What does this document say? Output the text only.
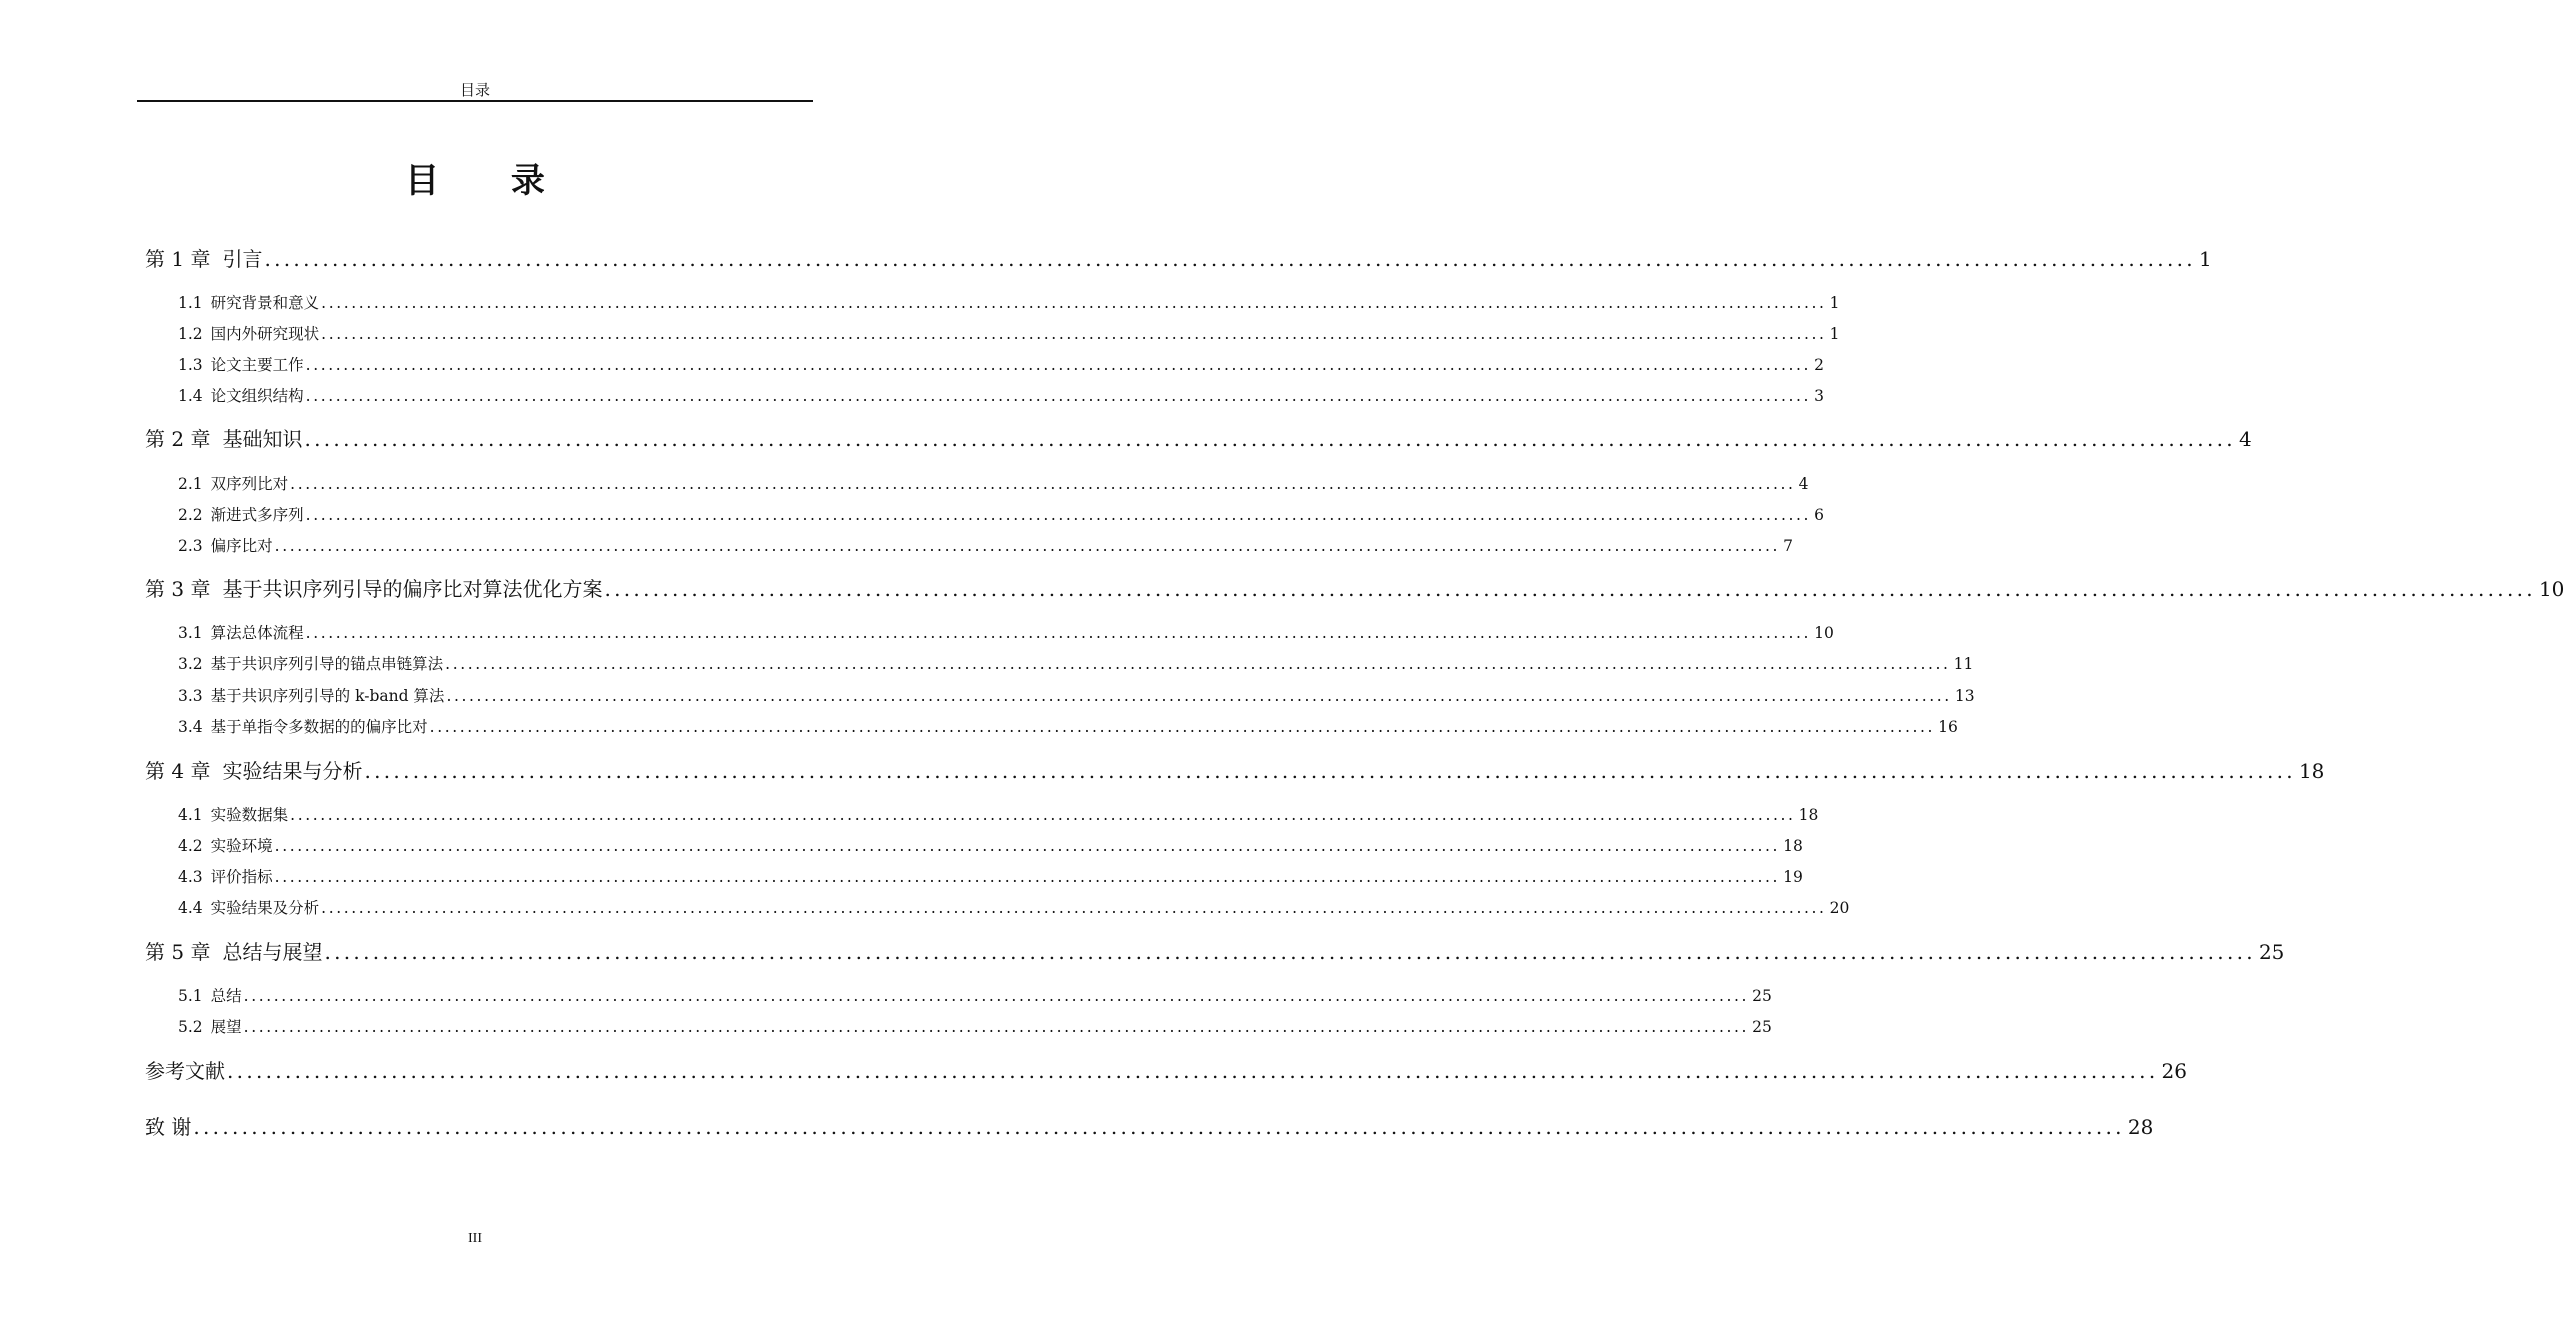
目录
目 录
第 1 章 引言 ........................................................................................................................................................................................................ 1
1.1 研究背景和意义 ........................................................................................................................................................................................................ 1
1.2 国内外研究现状 ........................................................................................................................................................................................................ 1
1.3 论文主要工作 ........................................................................................................................................................................................................ 2
1.4 论文组织结构 ........................................................................................................................................................................................................ 3
第 2 章 基础知识 ........................................................................................................................................................................................................ 4
2.1 双序列比对 ........................................................................................................................................................................................................ 4
2.2 渐进式多序列 ........................................................................................................................................................................................................ 6
2.3 偏序比对 ........................................................................................................................................................................................................ 7
第 3 章 基于共识序列引导的偏序比对算法优化方案 ........................................................................................................................................................................................................ 10
3.1 算法总体流程 ........................................................................................................................................................................................................ 10
3.2 基于共识序列引导的锚点串链算法 ........................................................................................................................................................................................................ 11
3.3 基于共识序列引导的 k-band 算法 ........................................................................................................................................................................................................ 13
3.4 基于单指令多数据的的偏序比对 ........................................................................................................................................................................................................ 16
第 4 章 实验结果与分析 ........................................................................................................................................................................................................ 18
4.1 实验数据集 ........................................................................................................................................................................................................ 18
4.2 实验环境 ........................................................................................................................................................................................................ 18
4.3 评价指标 ........................................................................................................................................................................................................ 19
4.4 实验结果及分析 ........................................................................................................................................................................................................ 20
第 5 章 总结与展望 ........................................................................................................................................................................................................ 25
5.1 总结 ........................................................................................................................................................................................................ 25
5.2 展望 ........................................................................................................................................................................................................ 25
参考文献 ........................................................................................................................................................................................................ 26
致 谢 ........................................................................................................................................................................................................ 28
III
